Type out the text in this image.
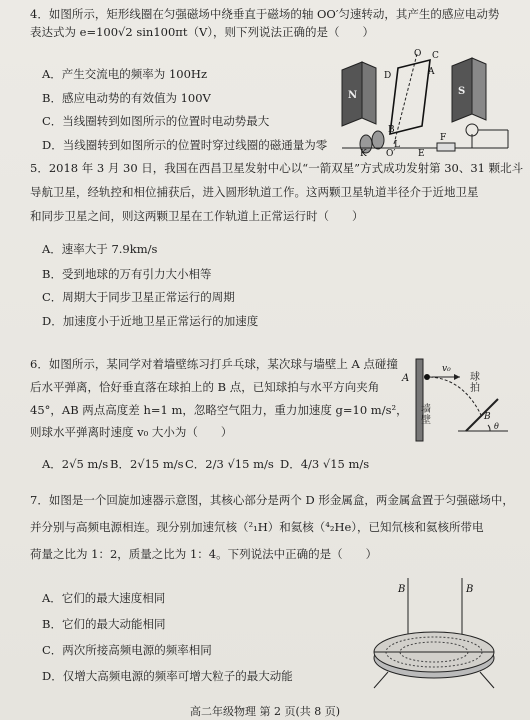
4．如图所示，矩形线圈在匀强磁场中绕垂直于磁场的轴 OO′匀速转动，其产生的感应电动势
表达式为 e=100√2 sin100πt（V），则下列说法正确的是（　　）
A．产生交流电的频率为 100Hz
B．感应电动势的有效值为 100V
C．当线圈转到如图所示的位置时电动势最大
D．当线圈转到如图所示的位置时穿过线圈的磁通量为零
O
O′
N	S
A
B
C
D
K
L
E
F
5．2018 年 3 月 30 日，我国在西昌卫星发射中心以“一箭双星”方式成功发射第 30、31 颗北斗
导航卫星，经轨控和相位捕获后，进入圆形轨道工作。这两颗卫星轨道半径介于近地卫星
和同步卫星之间，则这两颗卫星在工作轨道上正常运行时（　　）
A．速率大于 7.9km/s
B．受到地球的万有引力大小相等
C．周期大于同步卫星正常运行的周期
D．加速度小于近地卫星正常运行的加速度
6．如图所示，某同学对着墙壁练习打乒乓球，某次球与墙壁上 A 点碰撞
后水平弹离，恰好垂直落在球拍上的 B 点，已知球拍与水平方向夹角
45°，AB 两点高度差 h=1 m，忽略空气阻力，重力加速度 g=10 m/s²，
则球水平弹离时速度 v₀ 大小为（　　）
A
v₀
B
θ
墙壁
球拍
A．2√5 m/s B．2√15 m/s C．2/3 √15 m/s D．4/3 √15 m/s
7．如图是一个回旋加速器示意图，其核心部分是两个 D 形金属盒，两金属盒置于匀强磁场中，
并分别与高频电源相连。现分别加速氘核（²₁H）和氦核（⁴₂He），已知氘核和氦核所带电
荷量之比为 1：2，质量之比为 1：4。下列说法中正确的是（　　）
A．它们的最大速度相同
B．它们的最大动能相同
C．两次所接高频电源的频率相同
D．仅增大高频电源的频率可增大粒子的最大动能
B	B
高二年级物理 第 2 页(共 8 页)
